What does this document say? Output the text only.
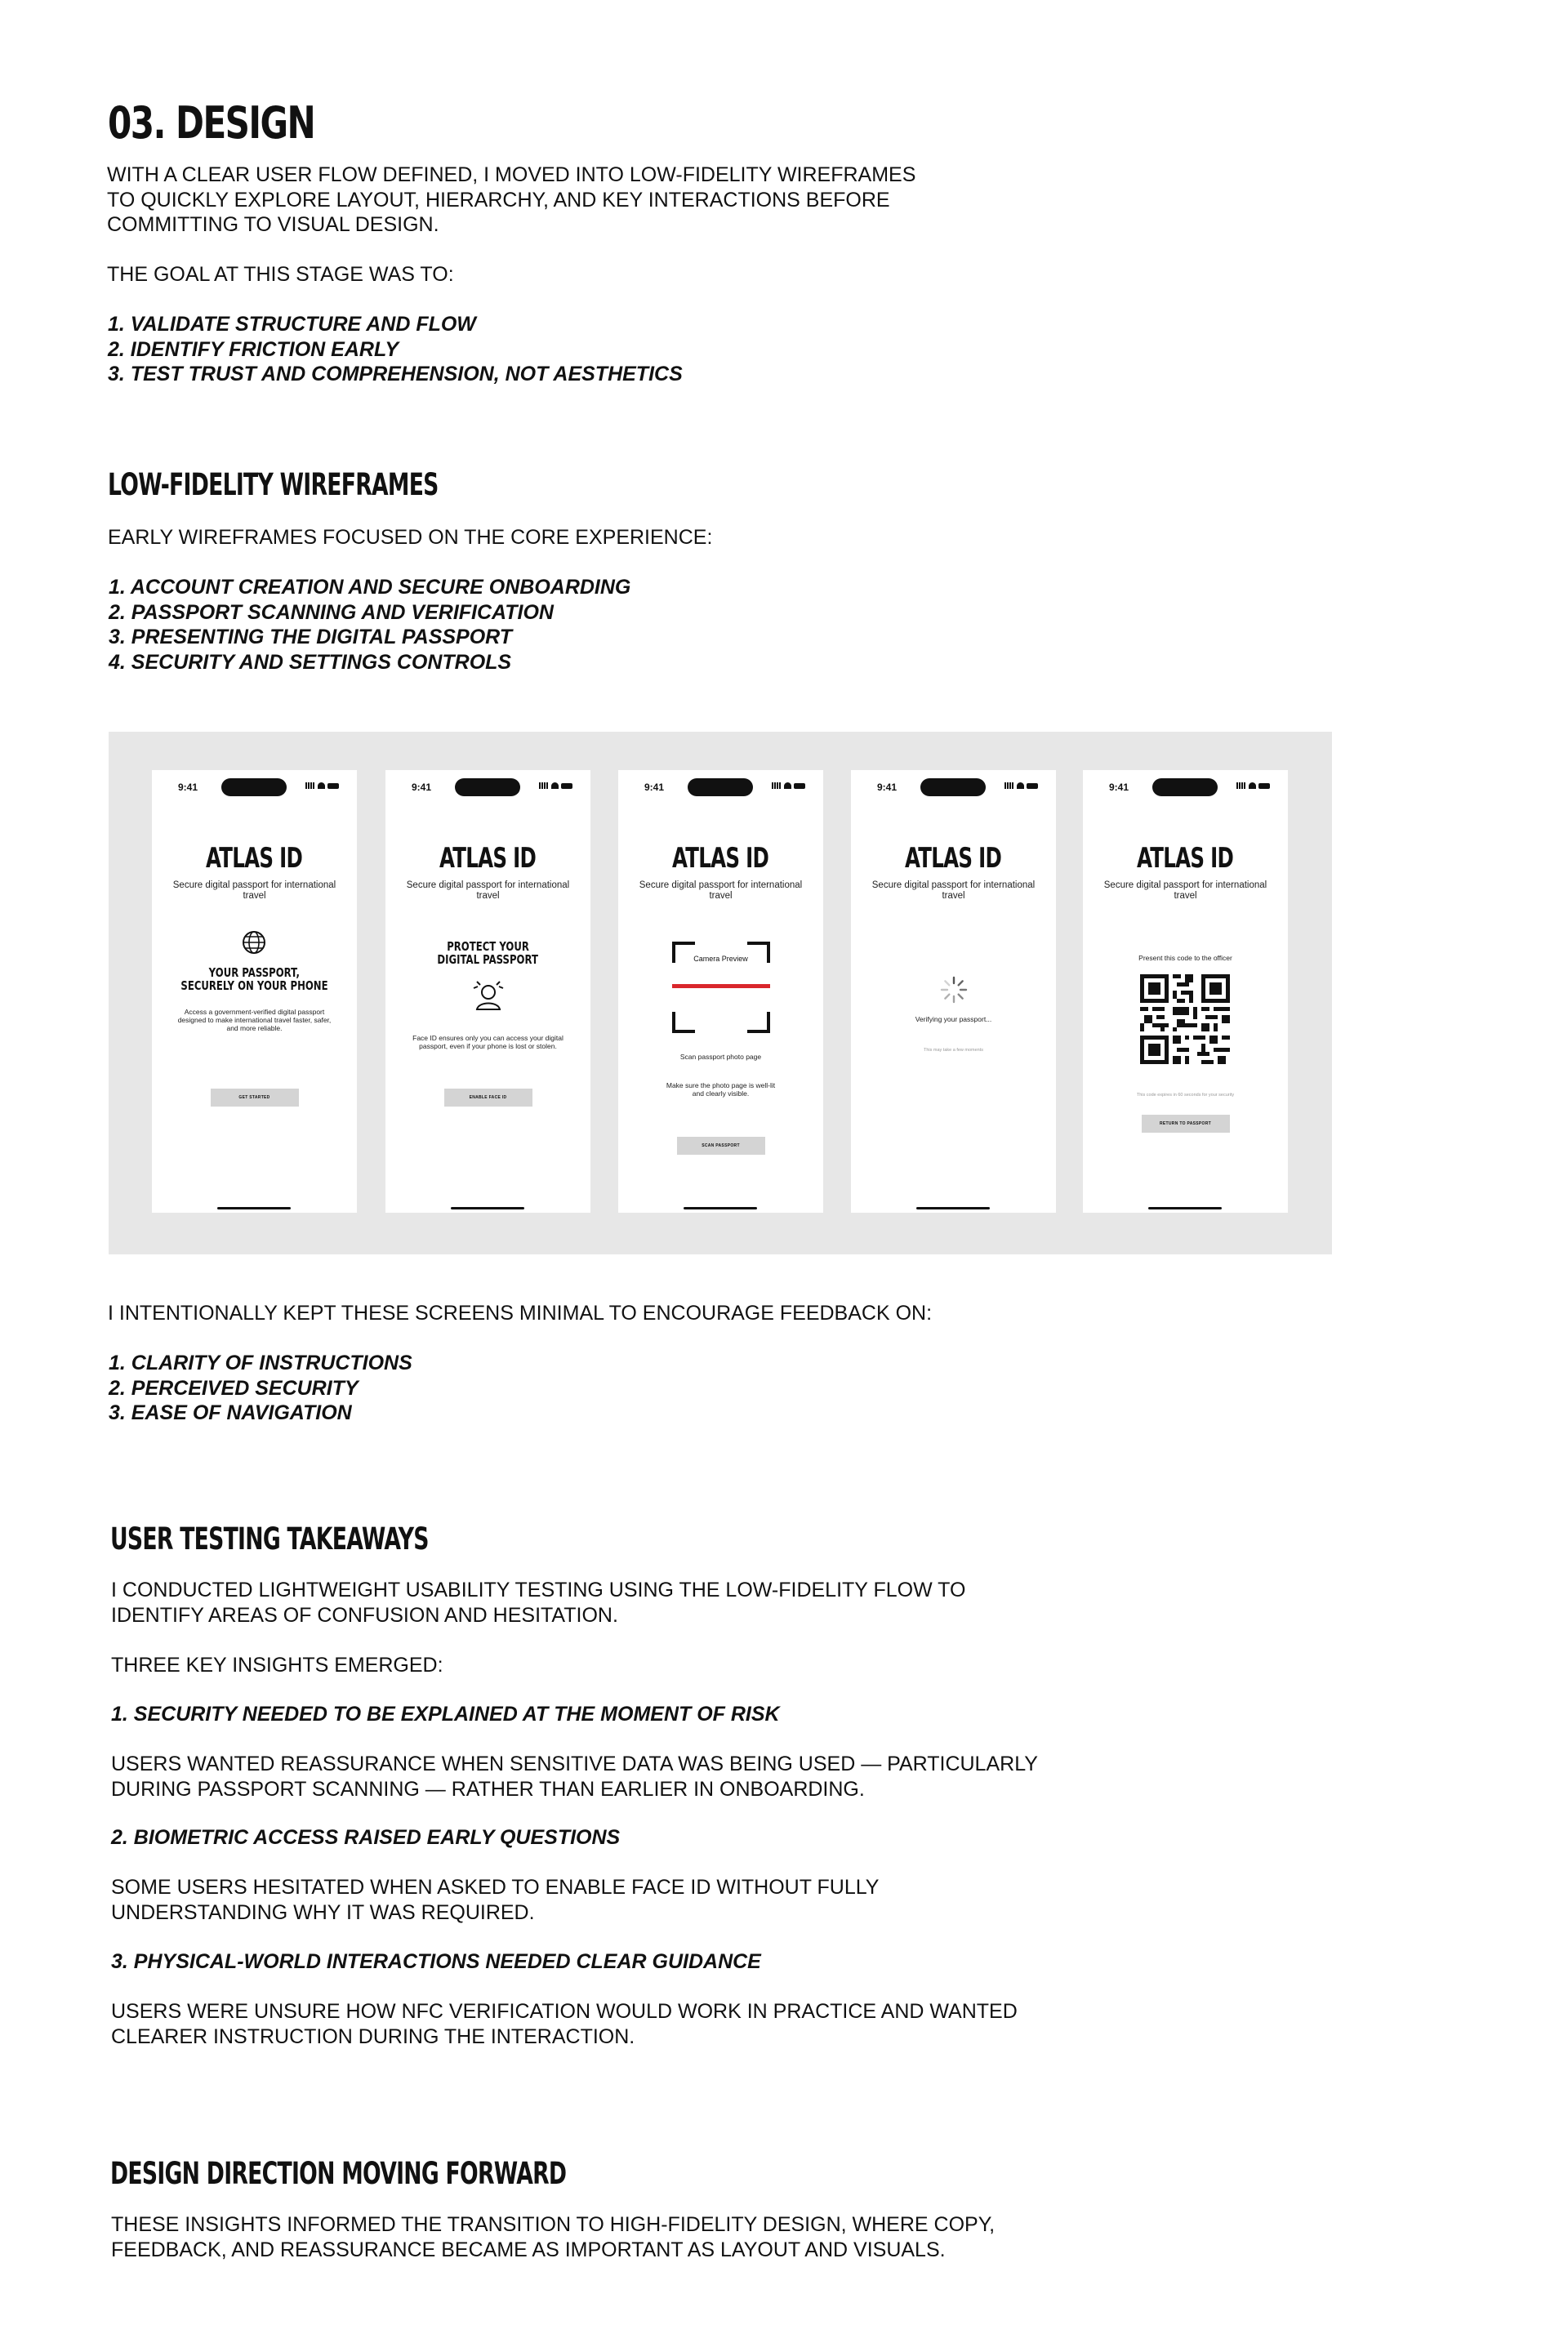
03. DESIGN

WITH A CLEAR USER FLOW DEFINED, I MOVED INTO LOW-FIDELITY WIREFRAMES

TO QUICKLY EXPLORE LAYOUT, HIERARCHY, AND KEY INTERACTIONS BEFORE

COMMITTING TO VISUAL DESIGN.

THE GOAL AT THIS STAGE WAS TO:

1. VALIDATE STRUCTURE AND FLOW
2. IDENTIFY FRICTION EARLY
3. TEST TRUST AND COMPREHENSION, NOT AESTHETICS
LOW-FIDELITY WIREFRAMES

EARLY WIREFRAMES FOCUSED ON THE CORE EXPERIENCE:

1. ACCOUNT CREATION AND SECURE ONBOARDING
2. PASSPORT SCANNING AND VERIFICATION
3. PRESENTING THE DIGITAL PASSPORT
4. SECURITY AND SETTINGS CONTROLS
9:41
ATLAS ID
Secure digital passport for international travel
YOUR PASSPORT,
SECURELY ON YOUR PHONE
Access a government-verified digital passport designed to make international travel faster, safer, and more reliable.
GET STARTED
9:41
ATLAS ID
Secure digital passport for international travel
PROTECT YOUR
DIGITAL PASSPORT
Face ID ensures only you can access your digital passport, even if your phone is lost or stolen.
ENABLE FACE ID
9:41
ATLAS ID
Secure digital passport for international travel
Camera Preview
Scan passport photo page
Make sure the photo page is well-lit and clearly visible.
SCAN PASSPORT
9:41
ATLAS ID
Secure digital passport for international travel
Verifying your passport...
This may take a few moments
9:41
ATLAS ID
Secure digital passport for international travel
Present this code to the officer
This code expires in 60 seconds for your security
RETURN TO PASSPORT

I INTENTIONALLY KEPT THESE SCREENS MINIMAL TO ENCOURAGE FEEDBACK ON:

1. CLARITY OF INSTRUCTIONS
2. PERCEIVED SECURITY
3. EASE OF NAVIGATION
USER TESTING TAKEAWAYS

I CONDUCTED LIGHTWEIGHT USABILITY TESTING USING THE LOW-FIDELITY FLOW TO

IDENTIFY AREAS OF CONFUSION AND HESITATION.

THREE KEY INSIGHTS EMERGED:

1. SECURITY NEEDED TO BE EXPLAINED AT THE MOMENT OF RISK

USERS WANTED REASSURANCE WHEN SENSITIVE DATA WAS BEING USED — PARTICULARLY

DURING PASSPORT SCANNING — RATHER THAN EARLIER IN ONBOARDING.

2. BIOMETRIC ACCESS RAISED EARLY QUESTIONS

SOME USERS HESITATED WHEN ASKED TO ENABLE FACE ID WITHOUT FULLY

UNDERSTANDING WHY IT WAS REQUIRED.

3. PHYSICAL-WORLD INTERACTIONS NEEDED CLEAR GUIDANCE

USERS WERE UNSURE HOW NFC VERIFICATION WOULD WORK IN PRACTICE AND WANTED

CLEARER INSTRUCTION DURING THE INTERACTION.

DESIGN DIRECTION MOVING FORWARD

THESE INSIGHTS INFORMED THE TRANSITION TO HIGH-FIDELITY DESIGN, WHERE COPY,

FEEDBACK, AND REASSURANCE BECAME AS IMPORTANT AS LAYOUT AND VISUALS.
